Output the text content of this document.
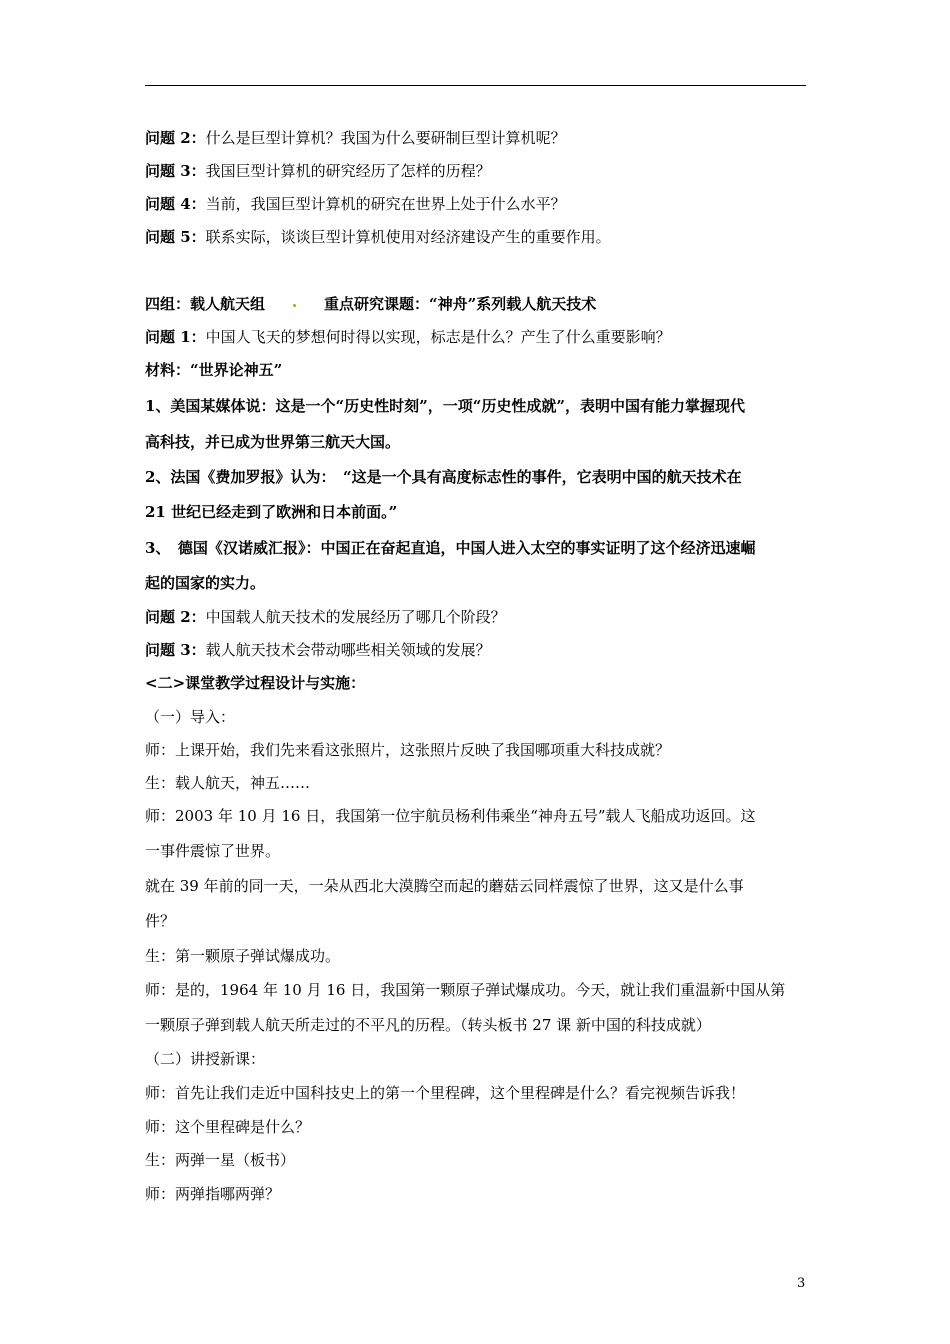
问题 2：什么是巨型计算机？我国为什么要研制巨型计算机呢？
问题 3：我国巨型计算机的研究经历了怎样的历程？
问题 4：当前，我国巨型计算机的研究在世界上处于什么水平？
问题 5：联系实际，谈谈巨型计算机使用对经济建设产生的重要作用。
四组：载人航天组	重点研究课题：“神舟”系列载人航天技术
问题 1：中国人飞天的梦想何时得以实现，标志是什么？产生了什么重要影响？
材料：“世界论神五”
1、美国某媒体说：这是一个“历史性时刻”，一项“历史性成就”，表明中国有能力掌握现代
高科技，并已成为世界第三航天大国。
2、法国《费加罗报》认为：　“这是一个具有高度标志性的事件，它表明中国的航天技术在
21 世纪已经走到了欧洲和日本前面。”
3、　德国《汉诺威汇报》：中国正在奋起直追，中国人进入太空的事实证明了这个经济迅速崛
起的国家的实力。
问题 2：中国载人航天技术的发展经历了哪几个阶段？
问题 3：载人航天技术会带动哪些相关领域的发展？
<二>课堂教学过程设计与实施：
（一）导入：
师：上课开始，我们先来看这张照片，这张照片反映了我国哪项重大科技成就？
生：载人航天，神五……
师：2003 年 10 月 16 日，我国第一位宇航员杨利伟乘坐“神舟五号”载人飞船成功返回。这
一事件震惊了世界。
就在 39 年前的同一天，一朵从西北大漠腾空而起的蘑菇云同样震惊了世界，这又是什么事
件？
生：第一颗原子弹试爆成功。
师：是的，1964 年 10 月 16 日，我国第一颗原子弹试爆成功。今天，就让我们重温新中国从第
一颗原子弹到载人航天所走过的不平凡的历程。（转头板书 27 课 新中国的科技成就）
（二）讲授新课：
师：首先让我们走近中国科技史上的第一个里程碑，这个里程碑是什么？看完视频告诉我！
师：这个里程碑是什么？
生：两弹一星（板书）
师：两弹指哪两弹？
3
